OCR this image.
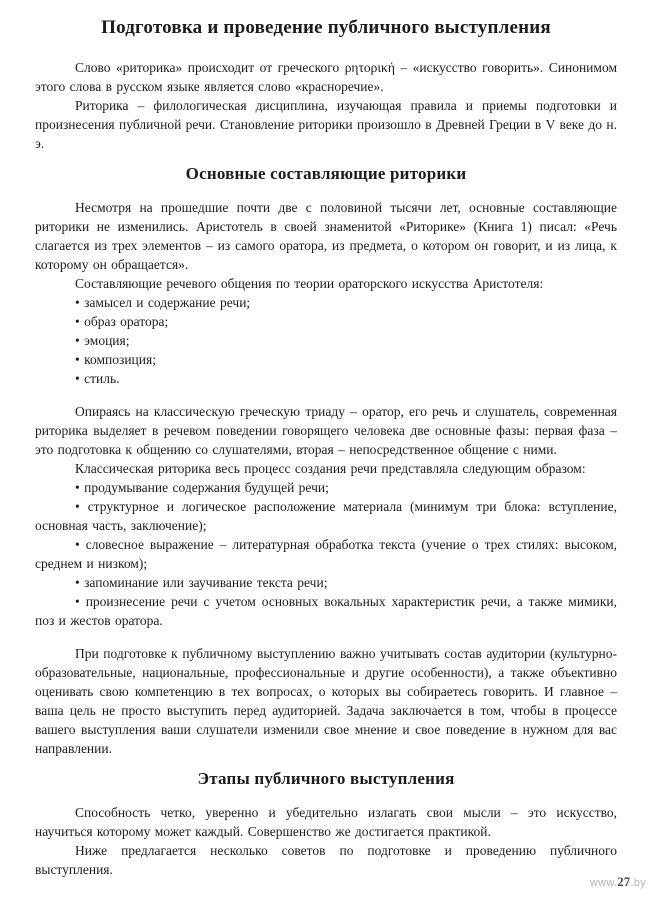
Подготовка и проведение публичного выступления

Слово «риторика» происходит от греческого ρητορική – «искусство говорить». Синонимом этого слова в русском языке является слово «красноречие».

Риторика – филологическая дисциплина, изучающая правила и приемы подготовки и произнесения публичной речи. Становление риторики произошло в Древней Греции в V веке до н. э.

Основные составляющие риторики

Несмотря на прошедшие почти две с половиной тысячи лет, основные составляющие риторики не изменились. Аристотель в своей знаменитой «Риторике» (Книга 1) писал: «Речь слагается из трех элементов – из самого оратора, из предмета, о котором он говорит, и из лица, к которому он обращается».

Составляющие речевого общения по теории ораторского искусства Аристотеля:

• замысел и содержание речи;

• образ оратора;

• эмоция;

• композиция;

• стиль.

Опираясь на классическую греческую триаду – оратор, его речь и слушатель, современная риторика выделяет в речевом поведении говорящего человека две основные фазы: первая фаза – это подготовка к общению со слушателями, вторая – непосредственное общение с ними.

Классическая риторика весь процесс создания речи представляла следующим образом:

• продумывание содержания будущей речи;

• структурное и логическое расположение материала (минимум три блока: вступление, основная часть, заключение);

• словесное выражение – литературная обработка текста (учение о трех стилях: высоком, среднем и низком);

• запоминание или заучивание текста речи;

• произнесение речи с учетом основных вокальных характеристик речи, а также мимики, поз и жестов оратора.

При подготовке к публичному выступлению важно учитывать состав аудитории (культурно-образовательные, национальные, профессиональные и другие особенности), а также объективно оценивать свою компетенцию в тех вопросах, о которых вы собираетесь говорить. И главное – ваша цель не просто выступить перед аудиторией. Задача заключается в том, чтобы в процессе вашего выступления ваши слушатели изменили свое мнение и свое поведение в нужном для вас направлении.

Этапы публичного выступления

Способность четко, уверенно и убедительно излагать свои мысли – это искусство, научиться которому может каждый. Совершенство же достигается практикой.

Ниже предлагается несколько советов по подготовке и проведению публичного выступления.

www.27.by
